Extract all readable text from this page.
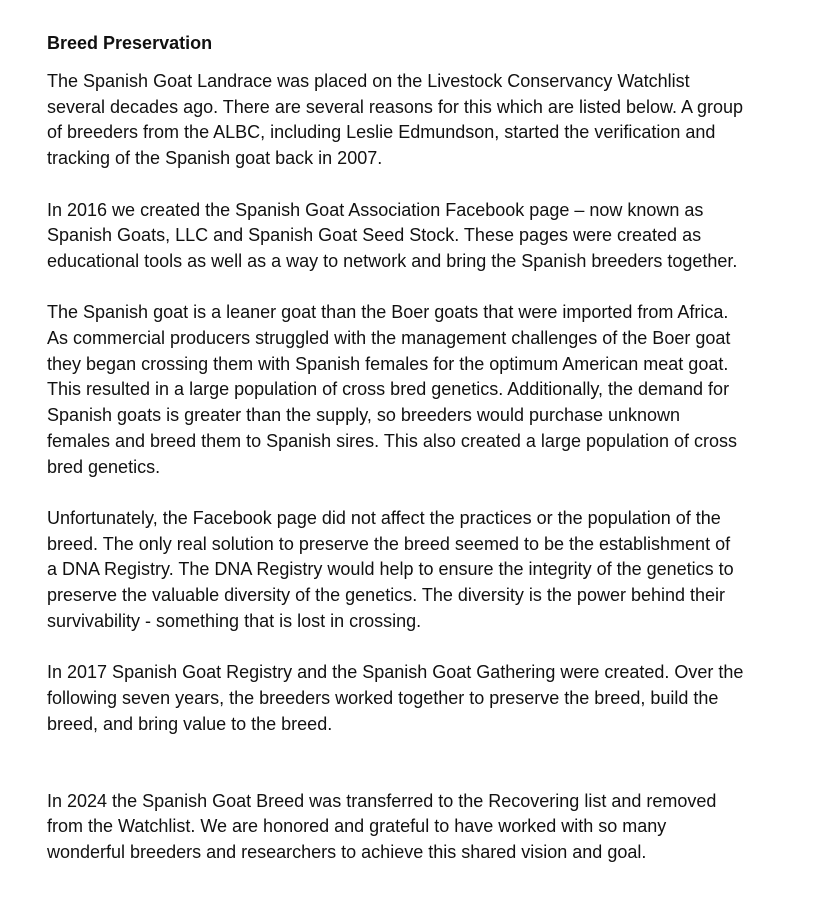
Breed Preservation

The Spanish Goat Landrace was placed on the Livestock Conservancy Watchlist
several decades ago. There are several reasons for this which are listed below. A group
of breeders from the ALBC, including Leslie Edmundson, started the verification and
tracking of the Spanish goat back in 2007.

In 2016 we created the Spanish Goat Association Facebook page – now known as
Spanish Goats, LLC and Spanish Goat Seed Stock. These pages were created as
educational tools as well as a way to network and bring the Spanish breeders together.

The Spanish goat is a leaner goat than the Boer goats that were imported from Africa.
As commercial producers struggled with the management challenges of the Boer goat
they began crossing them with Spanish females for the optimum American meat goat.
This resulted in a large population of cross bred genetics. Additionally, the demand for
Spanish goats is greater than the supply, so breeders would purchase unknown
females and breed them to Spanish sires. This also created a large population of cross
bred genetics.

Unfortunately, the Facebook page did not affect the practices or the population of the
breed. The only real solution to preserve the breed seemed to be the establishment of
a DNA Registry. The DNA Registry would help to ensure the integrity of the genetics to
preserve the valuable diversity of the genetics. The diversity is the power behind their
survivability - something that is lost in crossing.

In 2017 Spanish Goat Registry and the Spanish Goat Gathering were created. Over the
following seven years, the breeders worked together to preserve the breed, build the
breed, and bring value to the breed.

In 2024 the Spanish Goat Breed was transferred to the Recovering list and removed
from the Watchlist. We are honored and grateful to have worked with so many
wonderful breeders and researchers to achieve this shared vision and goal.
